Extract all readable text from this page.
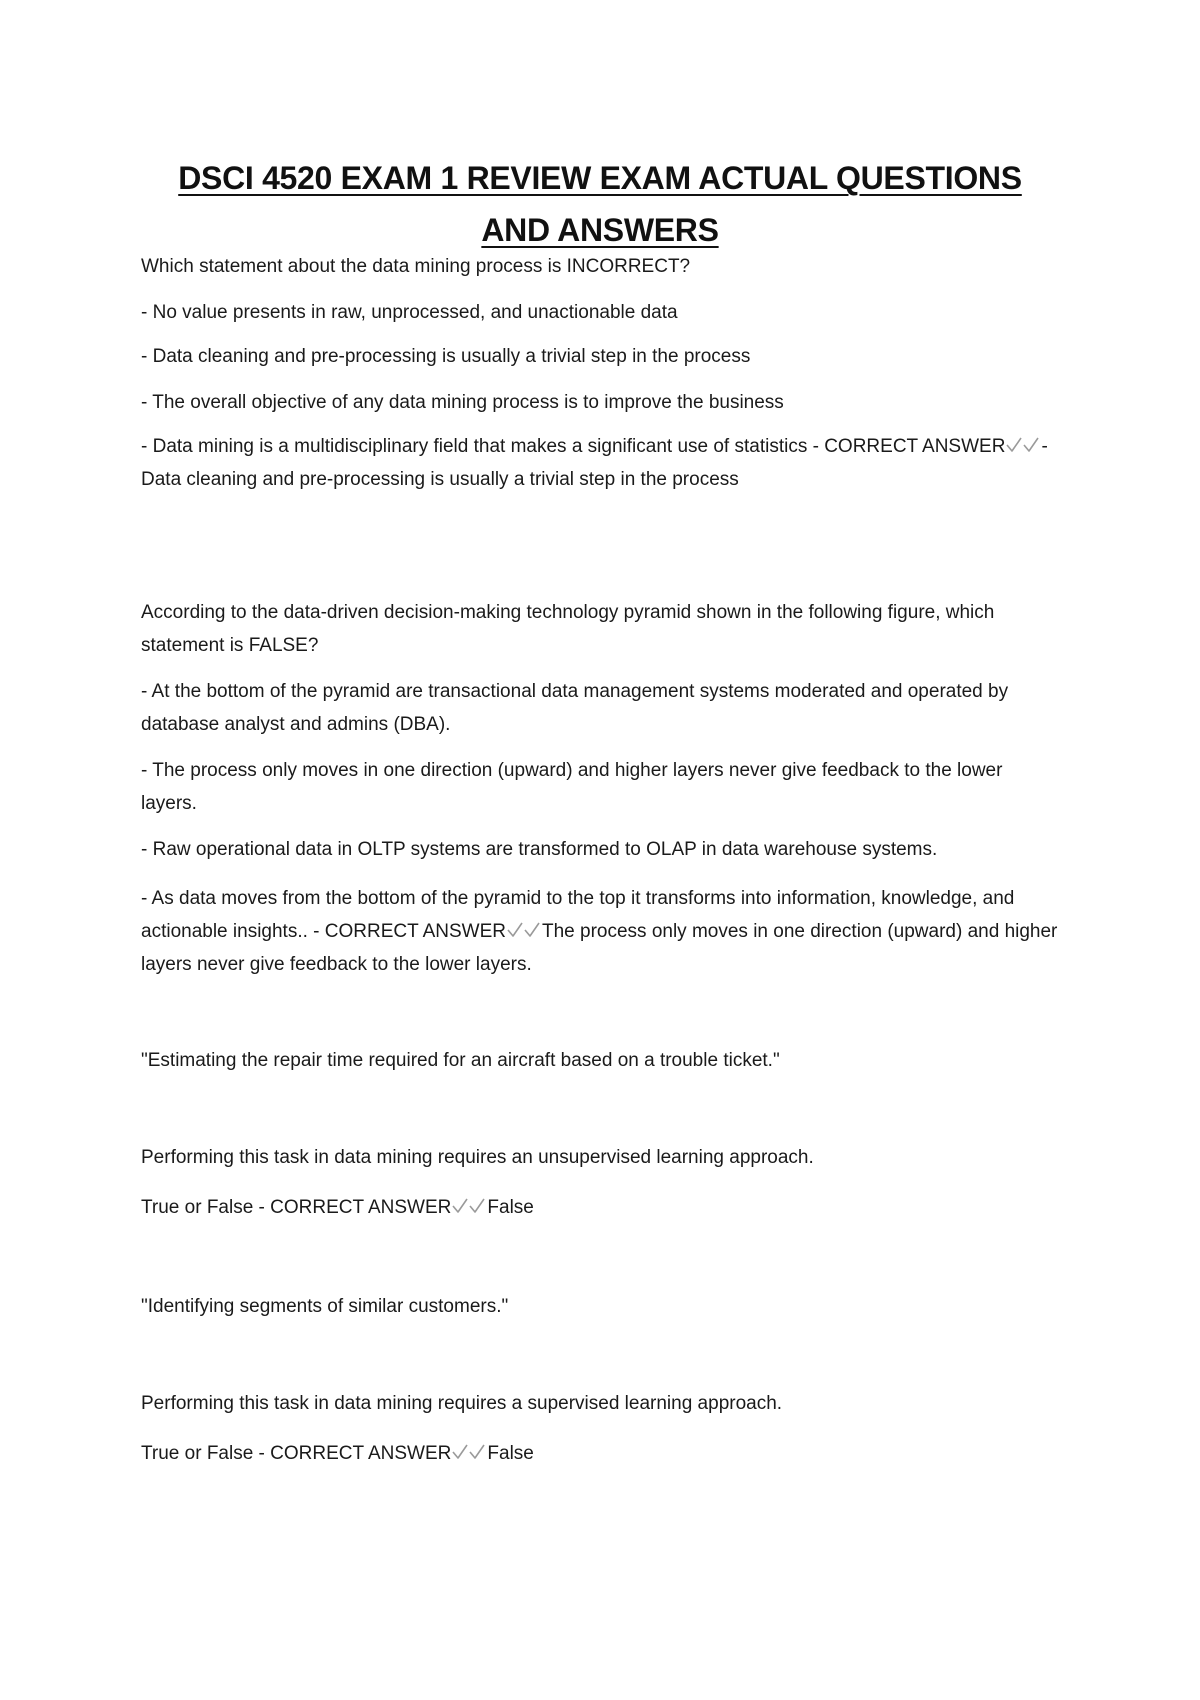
DSCI 4520 EXAM 1 REVIEW EXAM ACTUAL QUESTIONS AND ANSWERS

Which statement about the data mining process is INCORRECT?

- No value presents in raw, unprocessed, and unactionable data

- Data cleaning and pre-processing is usually a trivial step in the process

- The overall objective of any data mining process is to improve the business

- Data mining is a multidisciplinary field that makes a significant use of statistics - CORRECT ANSWER - Data cleaning and pre-processing is usually a trivial step in the process

According to the data-driven decision-making technology pyramid shown in the following figure, which statement is FALSE?

- At the bottom of the pyramid are transactional data management systems moderated and operated by database analyst and admins (DBA).

- The process only moves in one direction (upward) and higher layers never give feedback to the lower layers.

- Raw operational data in OLTP systems are transformed to OLAP in data warehouse systems.

- As data moves from the bottom of the pyramid to the top it transforms into information, knowledge, and actionable insights.. - CORRECT ANSWER The process only moves in one direction (upward) and higher layers never give feedback to the lower layers.

"Estimating the repair time required for an aircraft based on a trouble ticket."

Performing this task in data mining requires an unsupervised learning approach.

True or False - CORRECT ANSWER False

"Identifying segments of similar customers."

Performing this task in data mining requires a supervised learning approach.

True or False - CORRECT ANSWER False
